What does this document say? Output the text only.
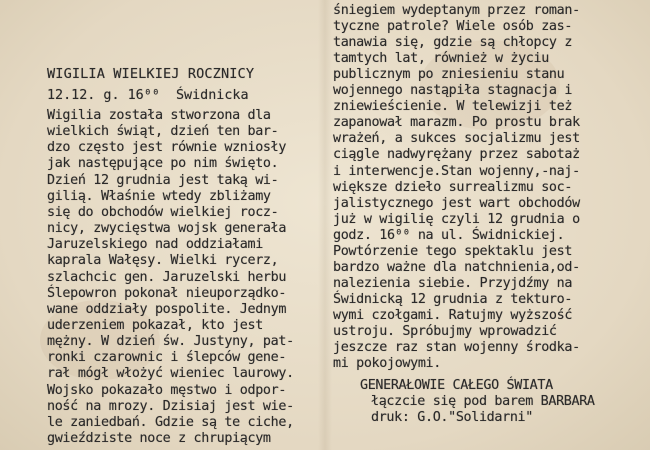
WIGILIA WIELKIEJ ROCZNICY
12.12. g. 16⁰⁰  Świdnicka
Wigilia została stworzona dla
wielkich świąt, dzień ten bar-
dzo często jest równie wzniosły
jak następujące po nim święto.
Dzień 12 grudnia jest taką wi-
gilią. Właśnie wtedy zbliżamy
się do obchodów wielkiej rocz-
nicy, zwycięstwa wojsk generała
Jaruzelskiego nad oddziałami
kaprala Wałęsy. Wielki rycerz,
szlachcic gen. Jaruzelski herbu
Ślepowron pokonał nieuporządko-
wane oddziały pospolite. Jednym
uderzeniem pokazał, kto jest
mężny. W dzień św. Justyny, pat-
ronki czarownic i ślepców gene-
rał mógł włożyć wieniec laurowy.
Wojsko pokazało męstwo i odpor-
ność na mrozy. Dzisiaj jest wie-
le zaniedbań. Gdzie są te ciche,
gwieździste noce z chrupiącym
śniegiem wydeptanym przez roman-
tyczne patrole? Wiele osób zas-
tanawia się, gdzie są chłopcy z
tamtych lat, również w życiu
publicznym po zniesieniu stanu
wojennego nastąpiła stagnacja i
zniewieścienie. W telewizji też
zapanował marazm. Po prostu brak
wrażeń, a sukces socjalizmu jest
ciągle nadwyrężany przez sabotaż
i interwencje.Stan wojenny,-naj-
większe dzieło surrealizmu soc-
jalistycznego jest wart obchodów
już w wigilię czyli 12 grudnia o
godz. 16⁰⁰ na ul. Świdnickiej.
Powtórzenie tego spektaklu jest
bardzo ważne dla natchnienia,od-
nalezienia siebie. Przyjdźmy na
Świdnicką 12 grudnia z tekturo-
wymi czołgami. Ratujmy wyższość
ustroju. Spróbujmy wprowadzić
jeszcze raz stan wojenny środka-
mi pokojowymi.
GENERAŁOWIE CAŁEGO ŚWIATA
łączcie się pod barem BARBARA
druk: G.O."Solidarni"
